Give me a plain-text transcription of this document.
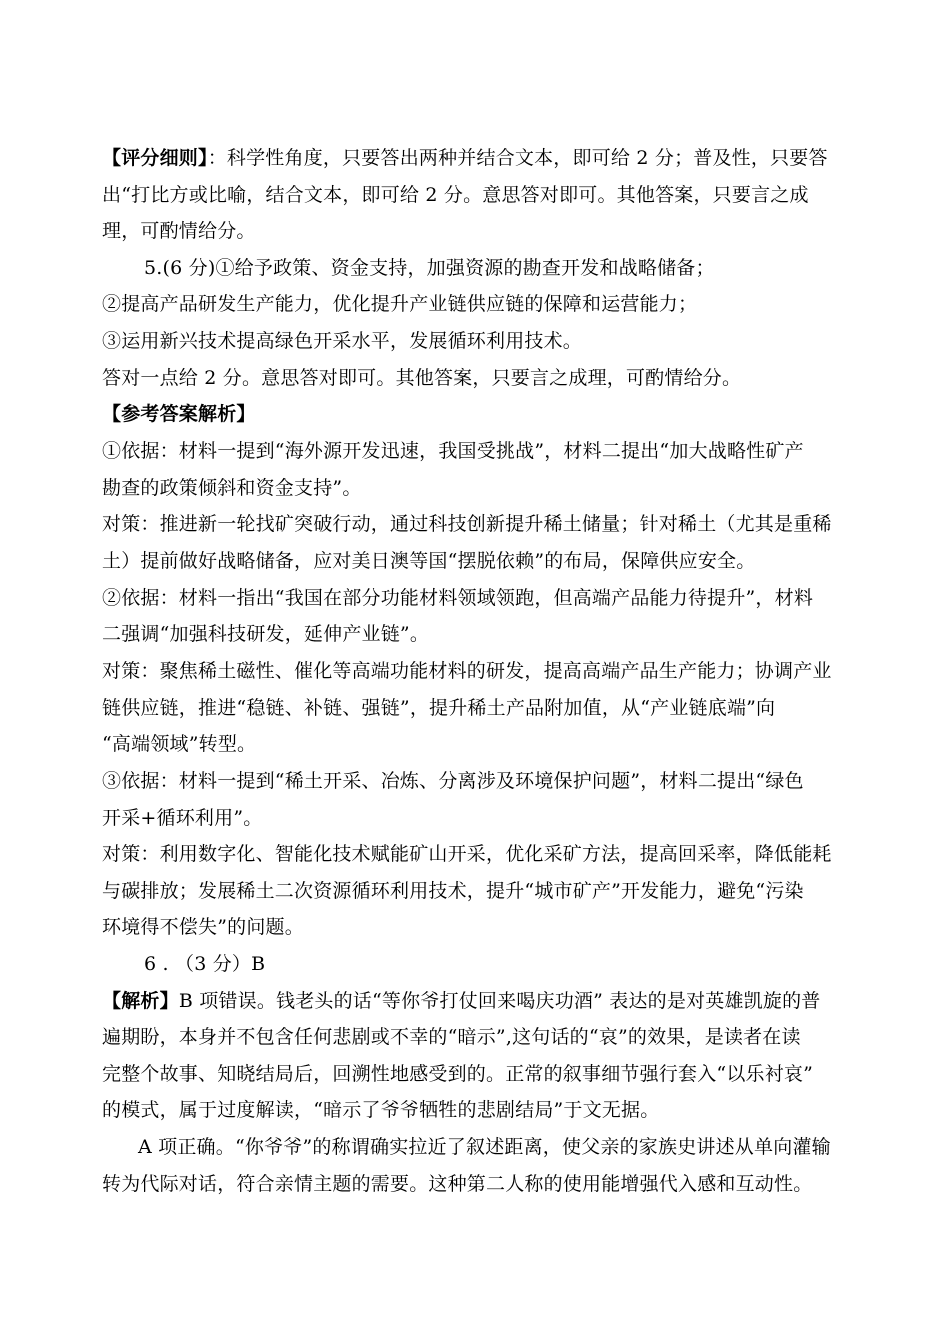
【评分细则】：科学性角度，只要答出两种并结合文本，即可给 2 分；普及性，只要答
出“打比方或比喻，结合文本，即可给 2 分。意思答对即可。其他答案，只要言之成
理，可酌情给分。
5.(6 分)①给予政策、资金支持，加强资源的勘查开发和战略储备；
②提高产品研发生产能力，优化提升产业链供应链的保障和运营能力；
③运用新兴技术提高绿色开采水平，发展循环利用技术。
答对一点给 2 分。意思答对即可。其他答案，只要言之成理，可酌情给分。
【参考答案解析】
①依据：材料一提到“海外源开发迅速，我国受挑战”，材料二提出“加大战略性矿产
勘查的政策倾斜和资金支持”。
对策：推进新一轮找矿突破行动，通过科技创新提升稀土储量；针对稀土（尤其是重稀
土）提前做好战略储备，应对美日澳等国“摆脱依赖”的布局，保障供应安全。
②依据：材料一指出“我国在部分功能材料领域领跑，但高端产品能力待提升”，材料
二强调“加强科技研发，延伸产业链”。
对策：聚焦稀土磁性、催化等高端功能材料的研发，提高高端产品生产能力；协调产业
链供应链，推进“稳链、补链、强链”，提升稀土产品附加值，从“产业链底端”向
“高端领域”转型。
③依据：材料一提到“稀土开采、冶炼、分离涉及环境保护问题”，材料二提出“绿色
开采+循环利用”。
对策：利用数字化、智能化技术赋能矿山开采，优化采矿方法，提高回采率，降低能耗
与碳排放；发展稀土二次资源循环利用技术，提升“城市矿产”开发能力，避免“污染
环境得不偿失”的问题。
6 . （3 分）B
【解析】B 项错误。钱老头的话“等你爷打仗回来喝庆功酒” 表达的是对英雄凯旋的普
遍期盼，本身并不包含任何悲剧或不幸的“暗示”,这句话的“哀”的效果，是读者在读
完整个故事、知晓结局后，回溯性地感受到的。正常的叙事细节强行套入“以乐衬哀”
的模式，属于过度解读，“暗示了爷爷牺牲的悲剧结局”于文无据。
A 项正确。“你爷爷”的称谓确实拉近了叙述距离，使父亲的家族史讲述从单向灌输
转为代际对话，符合亲情主题的需要。这种第二人称的使用能增强代入感和互动性。
